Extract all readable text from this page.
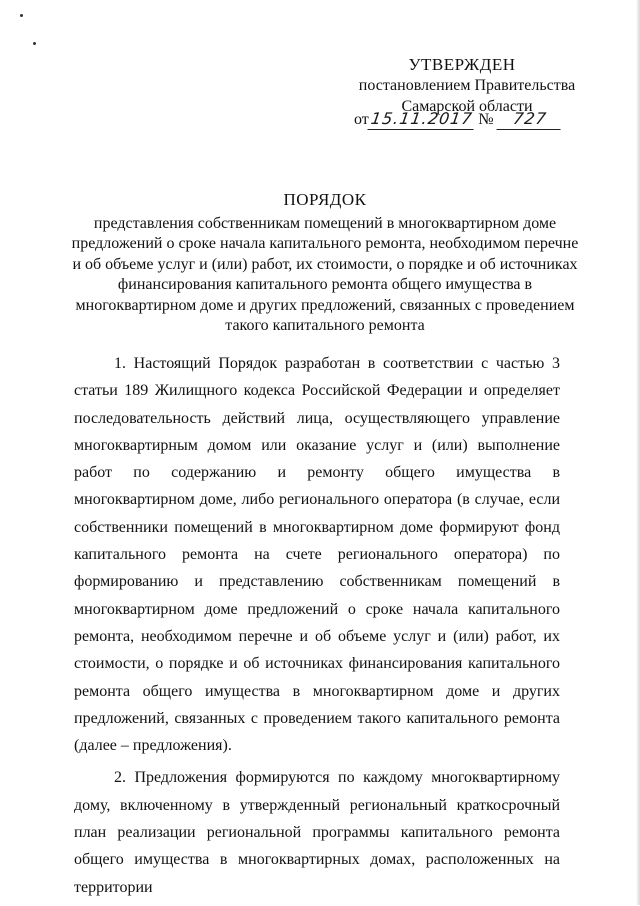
УТВЕРЖДЕН
постановлением Правительства
Самарской области
от15.11.2017 № 727
ПОРЯДОК
представления собственникам помещений в многоквартирном доме
предложений о сроке начала капитального ремонта, необходимом перечне
и об объеме услуг и (или) работ, их стоимости, о порядке и об источниках
финансирования капитального ремонта общего имущества в
многоквартирном доме и других предложений, связанных с проведением
такого капитального ремонта

1. Настоящий Порядок разработан в соответствии с частью 3 статьи 189 Жилищного кодекса Российской Федерации и определяет последовательность действий лица, осуществляющего управление многоквартирным домом или оказание услуг и (или) выполнение работ по содержанию и ремонту общего имущества в многоквартирном доме, либо регионального оператора (в случае, если собственники помещений в многоквартирном доме формируют фонд капитального ремонта на счете регионального оператора) по формированию и представлению собственникам помещений в многоквартирном доме предложений о сроке начала капитального ремонта, необходимом перечне и об объеме услуг и (или) работ, их стоимости, о порядке и об источниках финансирования капитального ремонта общего имущества в многоквартирном доме и других предложений, связанных с проведением такого капитального ремонта (далее – предложения).

2. Предложения формируются по каждому многоквартирному дому, включенному в утвержденный региональный краткосрочный план реализации региональной программы капитального ремонта общего имущества в многоквартирных домах, расположенных на территории
